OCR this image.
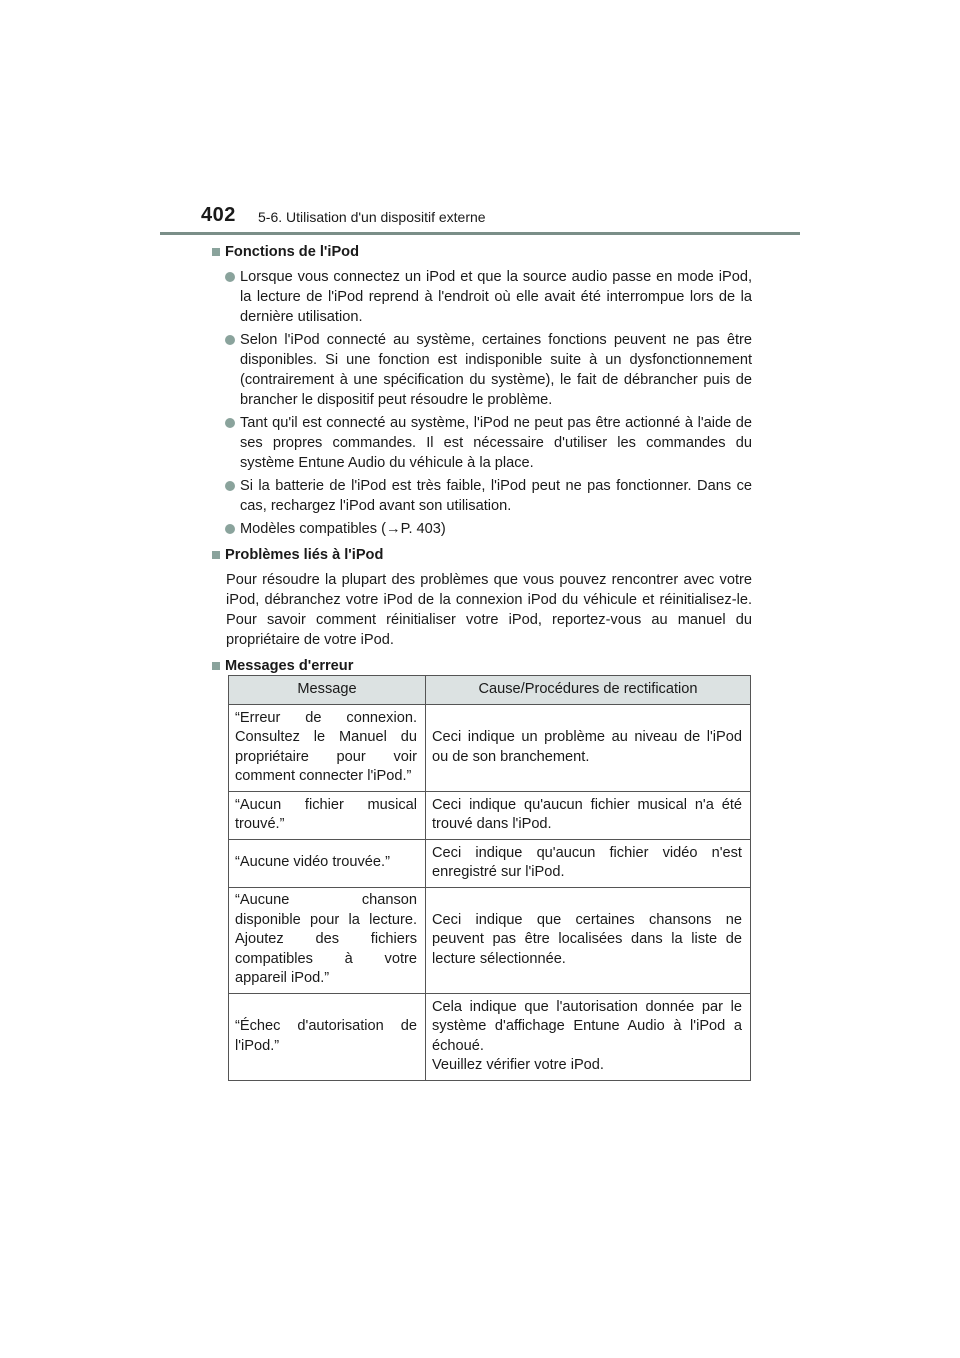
402 5-6. Utilisation d'un dispositif externe
Fonctions de l'iPod
Lorsque vous connectez un iPod et que la source audio passe en mode iPod, la lecture de l'iPod reprend à l'endroit où elle avait été interrompue lors de la dernière utilisation.
Selon l'iPod connecté au système, certaines fonctions peuvent ne pas être disponibles. Si une fonction est indisponible suite à un dysfonctionnement (contrairement à une spécification du système), le fait de débrancher puis de brancher le dispositif peut résoudre le problème.
Tant qu'il est connecté au système, l'iPod ne peut pas être actionné à l'aide de ses propres commandes. Il est nécessaire d'utiliser les commandes du système Entune Audio du véhicule à la place.
Si la batterie de l'iPod est très faible, l'iPod peut ne pas fonctionner. Dans ce cas, rechargez l'iPod avant son utilisation.
Modèles compatibles (→P. 403)
Problèmes liés à l'iPod
Pour résoudre la plupart des problèmes que vous pouvez rencontrer avec votre iPod, débranchez votre iPod de la connexion iPod du véhicule et réinitialisez-le. Pour savoir comment réinitialiser votre iPod, reportez-vous au manuel du propriétaire de votre iPod.
Messages d'erreur
Message	Cause/Procédures de rectification
“Erreur de connexion. Consultez le Manuel du propriétaire pour voir comment connecter l'iPod.”	Ceci indique un problème au niveau de l'iPod ou de son branchement.
“Aucun fichier musical trouvé.”	Ceci indique qu'aucun fichier musical n'a été trouvé dans l'iPod.
“Aucune vidéo trouvée.”	Ceci indique qu'aucun fichier vidéo n'est enregistré sur l'iPod.
“Aucune chanson disponible pour la lecture. Ajoutez des fichiers compatibles à votre appareil iPod.”	Ceci indique que certaines chansons ne peuvent pas être localisées dans la liste de lecture sélectionnée.
“Échec d'autorisation de l'iPod.”	Cela indique que l'autorisation donnée par le système d'affichage Entune Audio à l'iPod a échoué.
Veuillez vérifier votre iPod.
